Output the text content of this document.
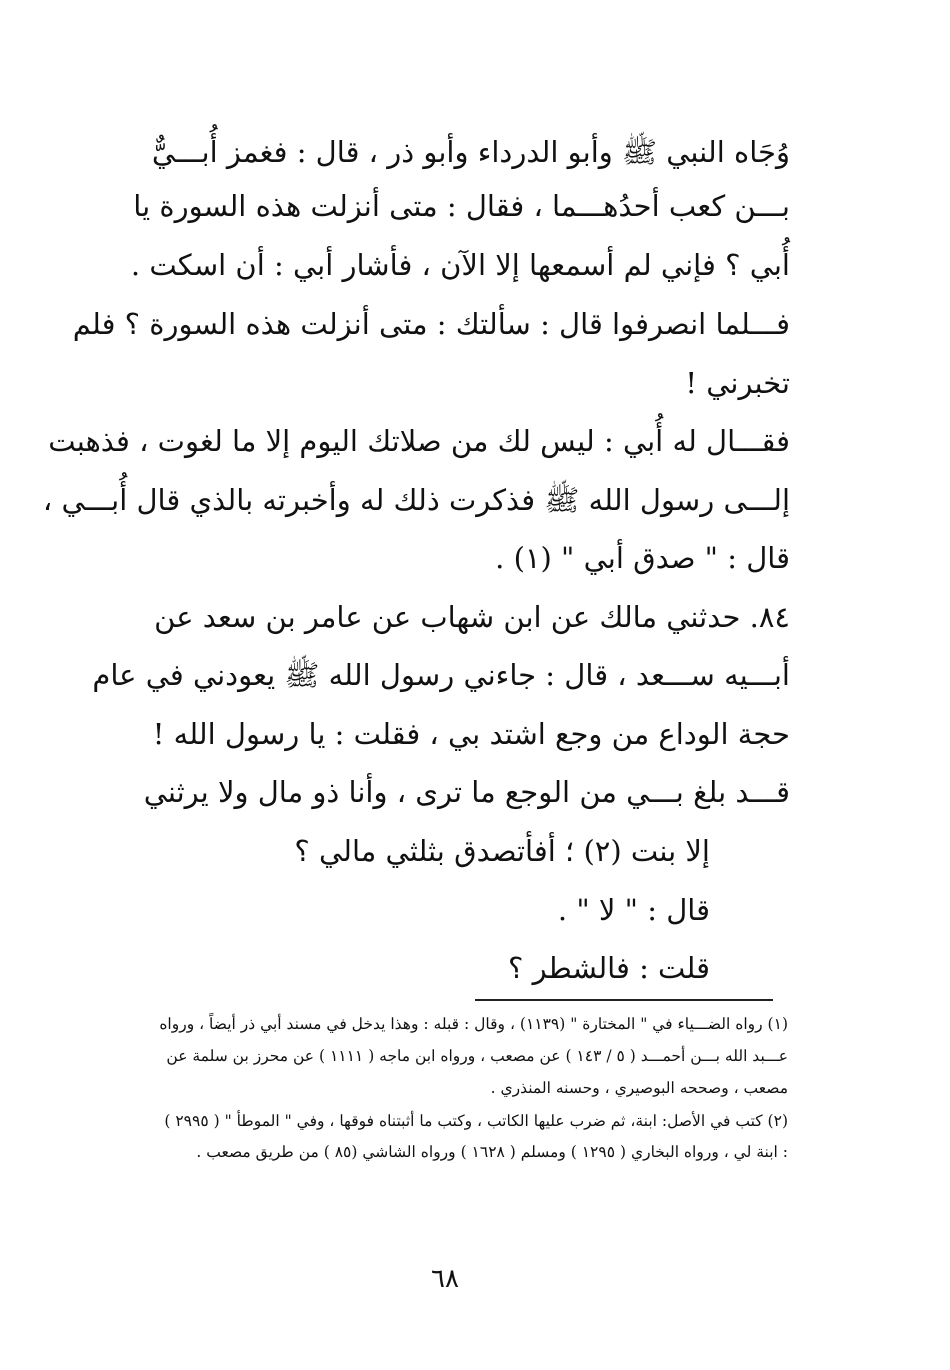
وُجَاه النبي ﷺ وأبو الدرداء وأبو ذر ، قال : فغمز أُبـــيٌّ
بـــن كعب أحدُهـــما ، فقال : متى أنزلت هذه السورة يا
أُبي ؟ فإني لم أسمعها إلا الآن ، فأشار أبي : أن اسكت .
فـــلما انصرفوا قال : سألتك : متى أنزلت هذه السورة ؟ فلم
تخبرني !
فقـــال له أُبي : ليس لك من صلاتك اليوم إلا ما لغوت ، فذهبت
إلـــى رسول الله ﷺ فذكرت ذلك له وأخبرته بالذي قال أُبـــي ،
قال : " صدق أبي " (١) .
٨٤. حدثني مالك عن ابن شهاب عن عامر بن سعد عن
أبـــيه ســـعد ، قال : جاءني رسول الله ﷺ يعودني في عام
حجة الوداع من وجع اشتد بي ، فقلت : يا رسول الله !
قـــد بلغ بـــي من الوجع ما ترى ، وأنا ذو مال ولا يرثني
إلا بنت (٢) ؛ أفأتصدق بثلثي مالي ؟
قال : " لا " .
قلت : فالشطر ؟
(١) رواه الضـــياء في " المختارة " (١١٣٩) ، وقال : قبله : وهذا يدخل في مسند أبي ذر أيضاً ، ورواه
عـــبد الله بـــن أحمـــد ( ٥ / ١٤٣ ) عن مصعب ، ورواه ابن ماجه ( ١١١١ ) عن محرز بن سلمة عن
مصعب ، وصححه البوصيري ، وحسنه المنذري .
(٢) كتب في الأصل: ابنة، ثم ضرب عليها الكاتب ، وكتب ما أثبتناه فوقها ، وفي " الموطأ " ( ٢٩٩٥ )
: ابنة لي ، ورواه البخاري ( ١٢٩٥ ) ومسلم ( ١٦٢٨ ) ورواه الشاشي (٨٥ ) من طريق مصعب .
٦٨
